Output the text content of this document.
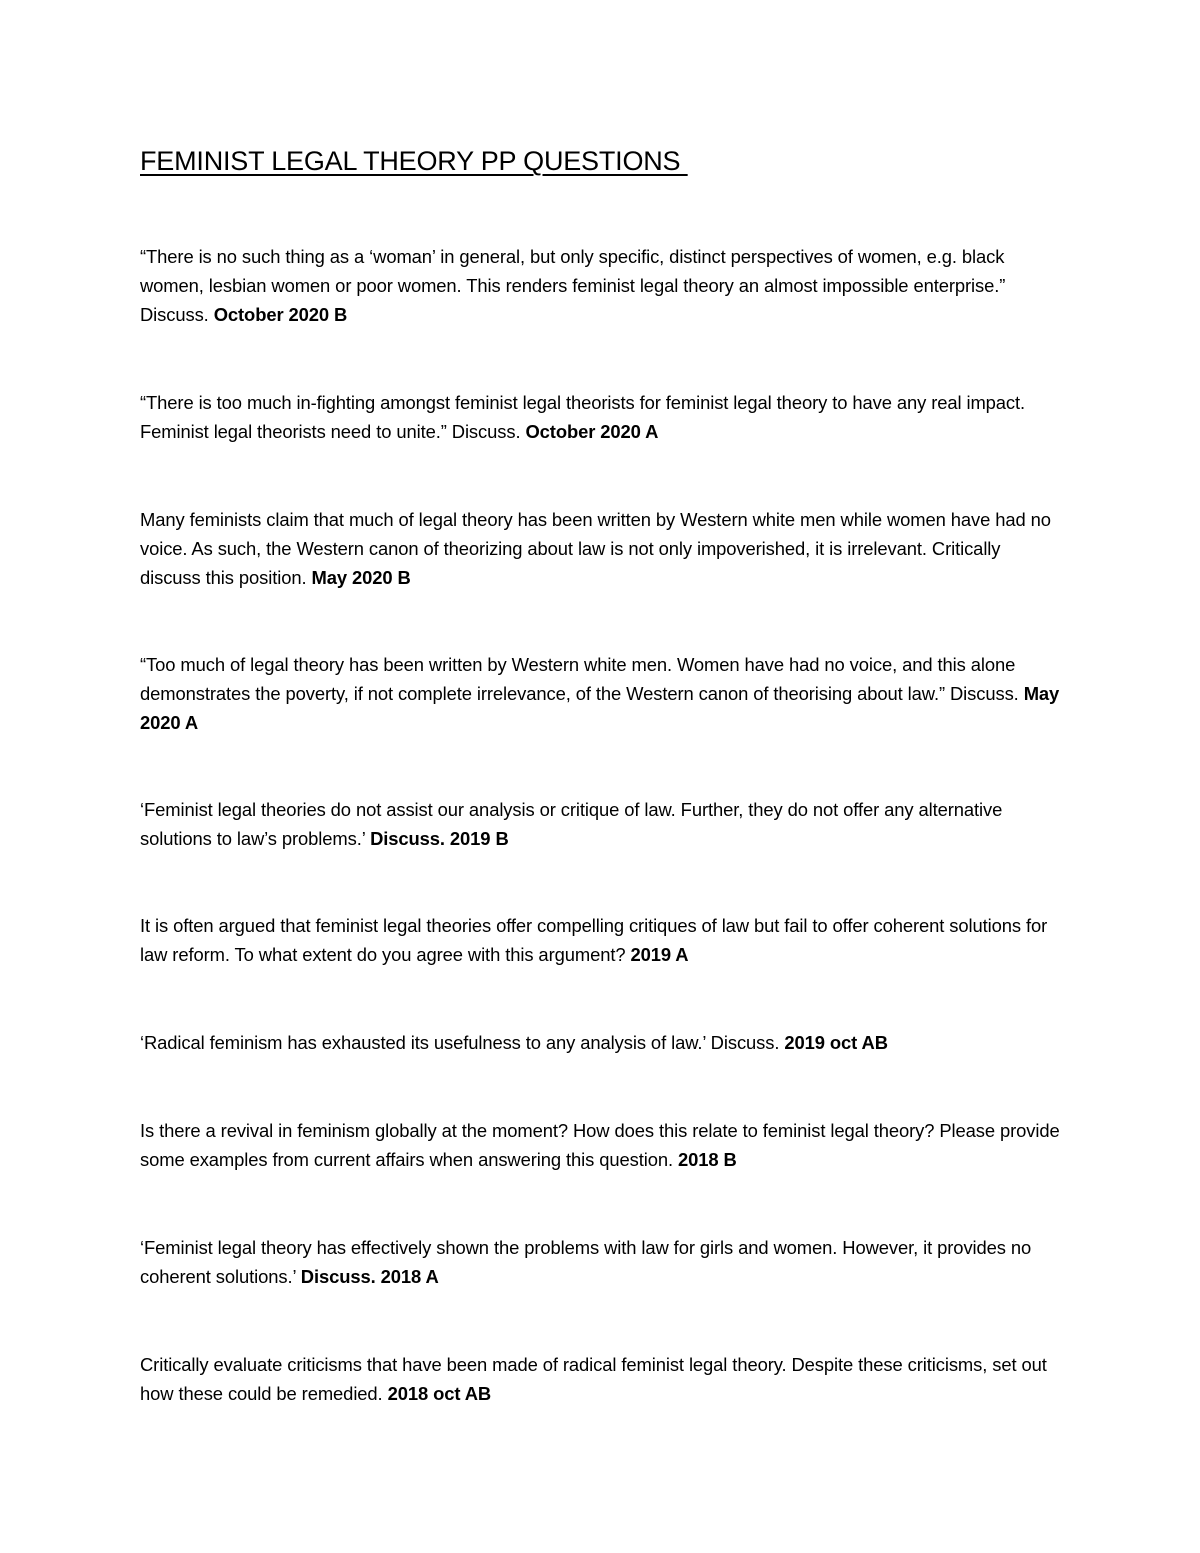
FEMINIST LEGAL THEORY PP QUESTIONS

“There is no such thing as a ‘woman’ in general, but only specific, distinct perspectives of women, e.g. black women, lesbian women or poor women. This renders feminist legal theory an almost impossible enterprise.” Discuss. October 2020 B

“There is too much in-fighting amongst feminist legal theorists for feminist legal theory to have any real impact. Feminist legal theorists need to unite.” Discuss. October 2020 A

Many feminists claim that much of legal theory has been written by Western white men while women have had no voice. As such, the Western canon of theorizing about law is not only impoverished, it is irrelevant. Critically discuss this position. May 2020 B

“Too much of legal theory has been written by Western white men. Women have had no voice, and this alone demonstrates the poverty, if not complete irrelevance, of the Western canon of theorising about law.” Discuss. May 2020 A

‘Feminist legal theories do not assist our analysis or critique of law. Further, they do not offer any alternative solutions to law’s problems.’ Discuss. 2019 B

It is often argued that feminist legal theories offer compelling critiques of law but fail to offer coherent solutions for law reform. To what extent do you agree with this argument? 2019 A

‘Radical feminism has exhausted its usefulness to any analysis of law.’ Discuss. 2019 oct AB

Is there a revival in feminism globally at the moment? How does this relate to feminist legal theory? Please provide some examples from current affairs when answering this question. 2018 B

‘Feminist legal theory has effectively shown the problems with law for girls and women. However, it provides no coherent solutions.’ Discuss. 2018 A

Critically evaluate criticisms that have been made of radical feminist legal theory. Despite these criticisms, set out how these could be remedied. 2018 oct AB
